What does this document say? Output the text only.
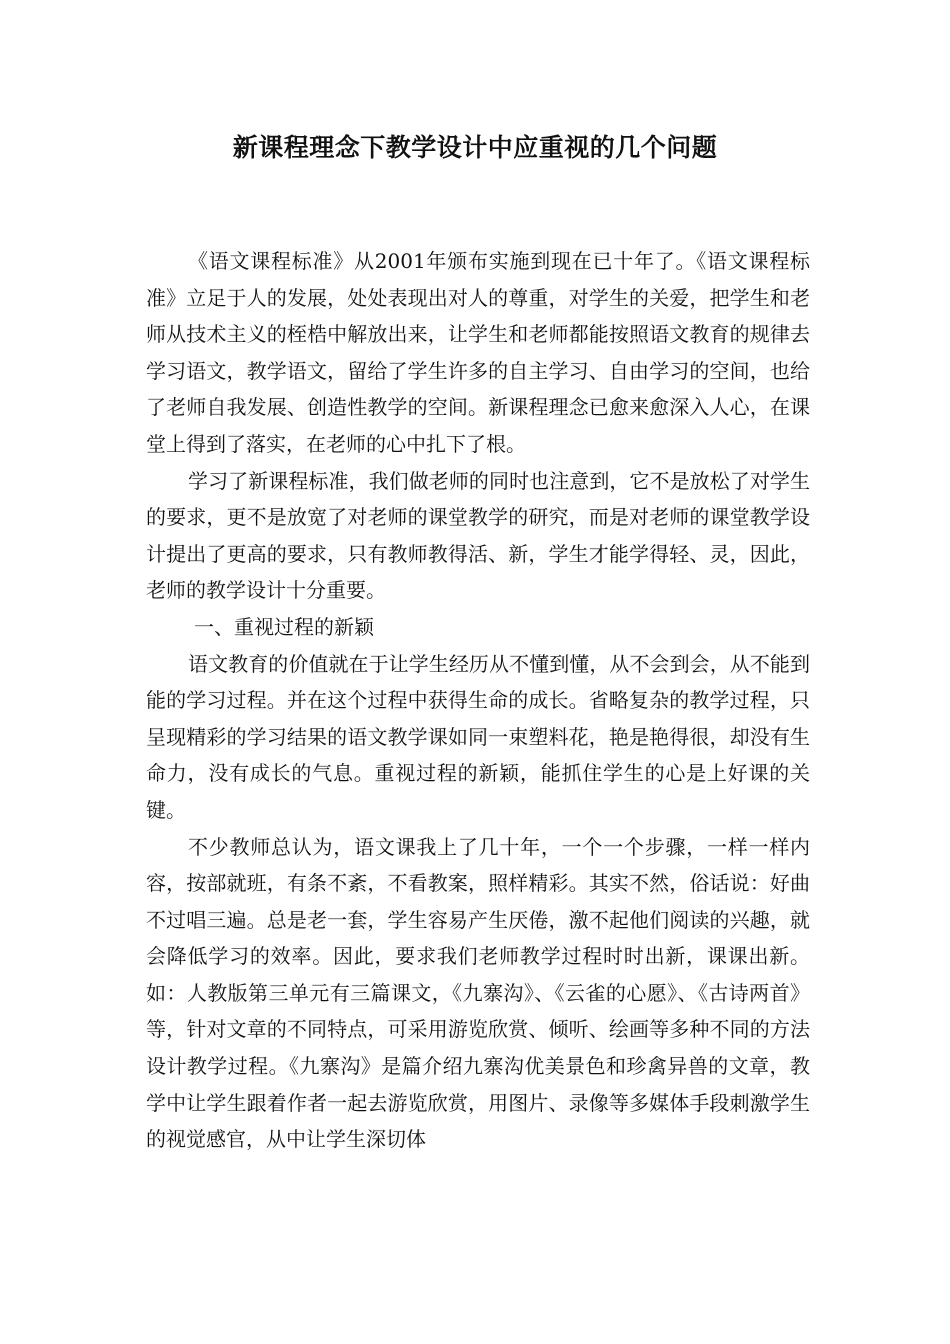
新课程理念下教学设计中应重视的几个问题

《语文课程标准》从2001年颁布实施到现在已十年了。《语文课程标准》立足于人的发展，处处表现出对人的尊重，对学生的关爱，把学生和老师从技术主义的桎梏中解放出来，让学生和老师都能按照语文教育的规律去学习语文，教学语文，留给了学生许多的自主学习、自由学习的空间，也给了老师自我发展、创造性教学的空间。新课程理念已愈来愈深入人心，在课堂上得到了落实，在老师的心中扎下了根。

学习了新课程标准，我们做老师的同时也注意到，它不是放松了对学生的要求，更不是放宽了对老师的课堂教学的研究，而是对老师的课堂教学设计提出了更高的要求，只有教师教得活、新，学生才能学得轻、灵，因此，老师的教学设计十分重要。

一、重视过程的新颖

语文教育的价值就在于让学生经历从不懂到懂，从不会到会，从不能到能的学习过程。并在这个过程中获得生命的成长。省略复杂的教学过程，只呈现精彩的学习结果的语文教学课如同一束塑料花，艳是艳得很，却没有生命力，没有成长的气息。重视过程的新颖，能抓住学生的心是上好课的关键。

不少教师总认为，语文课我上了几十年，一个一个步骤，一样一样内容，按部就班，有条不紊，不看教案，照样精彩。其实不然，俗话说：好曲不过唱三遍。总是老一套，学生容易产生厌倦，激不起他们阅读的兴趣，就会降低学习的效率。因此，要求我们老师教学过程时时出新，课课出新。如：人教版第三单元有三篇课文，《九寨沟》、《云雀的心愿》、《古诗两首》等，针对文章的不同特点，可采用游览欣赏、倾听、绘画等多种不同的方法设计教学过程。《九寨沟》是篇介绍九寨沟优美景色和珍禽异兽的文章，教学中让学生跟着作者一起去游览欣赏，用图片、录像等多媒体手段刺激学生的视觉感官，从中让学生深切体
